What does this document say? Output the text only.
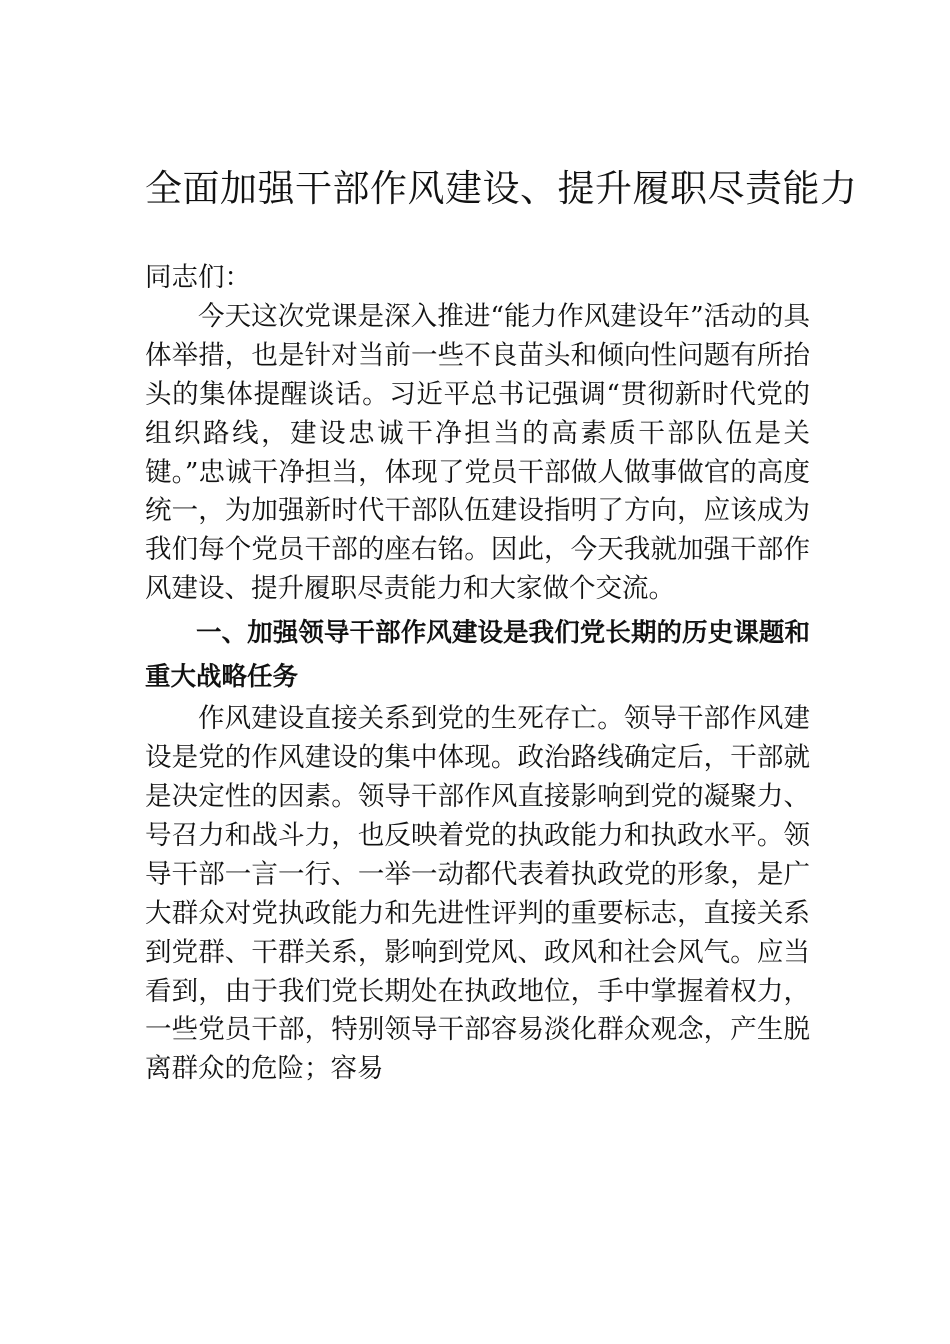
全面加强干部作风建设、提升履职尽责能力

同志们：

今天这次党课是深入推进“能力作风建设年”活动的具体举措，也是针对当前一些不良苗头和倾向性问题有所抬头的集体提醒谈话。习近平总书记强调“贯彻新时代党的组织路线，建设忠诚干净担当的高素质干部队伍是关键。”忠诚干净担当，体现了党员干部做人做事做官的高度统一，为加强新时代干部队伍建设指明了方向，应该成为我们每个党员干部的座右铭。因此，今天我就加强干部作风建设、提升履职尽责能力和大家做个交流。

一、加强领导干部作风建设是我们党长期的历史课题和重大战略任务

作风建设直接关系到党的生死存亡。领导干部作风建设是党的作风建设的集中体现。政治路线确定后，干部就是决定性的因素。领导干部作风直接影响到党的凝聚力、号召力和战斗力，也反映着党的执政能力和执政水平。领导干部一言一行、一举一动都代表着执政党的形象，是广大群众对党执政能力和先进性评判的重要标志，直接关系到党群、干群关系，影响到党风、政风和社会风气。应当看到，由于我们党长期处在执政地位，手中掌握着权力，一些党员干部，特别领导干部容易淡化群众观念，产生脱离群众的危险；容易
